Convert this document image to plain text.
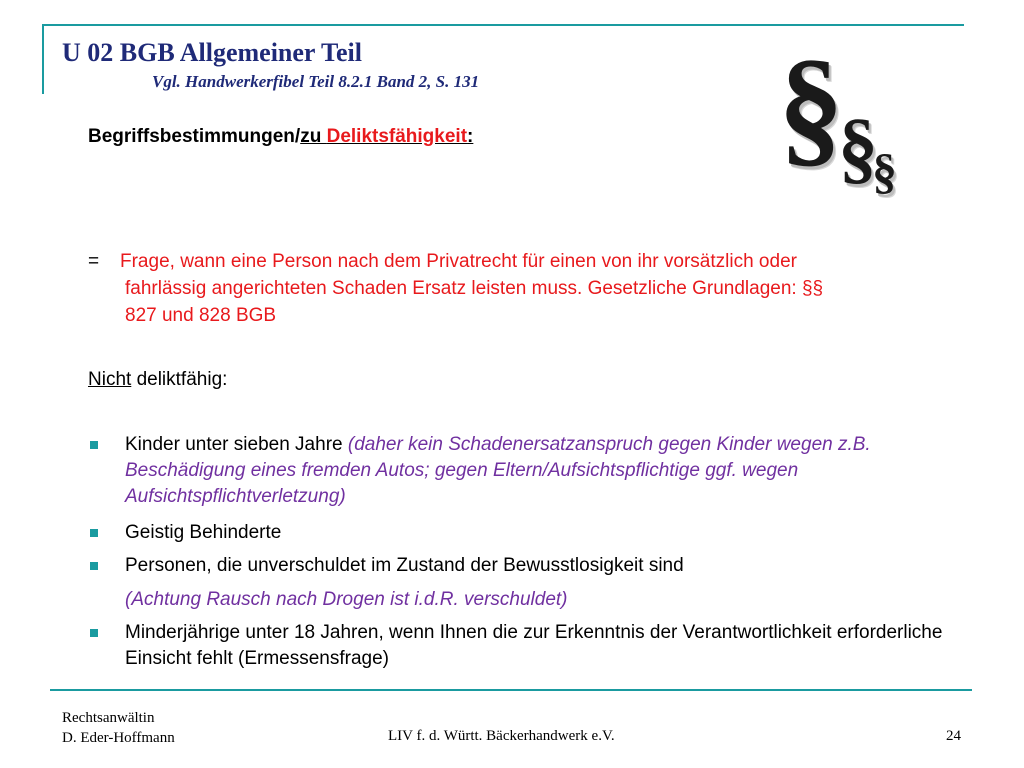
U 02 BGB Allgemeiner Teil
Vgl. Handwerkerfibel Teil 8.2.1 Band 2, S. 131 §
§
§
Begriffsbestimmungen/zu Deliktsfähigkeit:
= Frage, wann eine Person nach dem Privatrecht für einen von ihr vorsätzlich oder
fahrlässig angerichteten Schaden Ersatz leisten muss. Gesetzliche Grundlagen: §§
827 und 828 BGB
Nicht deliktfähig:
Kinder unter sieben Jahre (daher kein Schadenersatzanspruch gegen Kinder wegen z.B. Beschädigung eines fremden Autos; gegen Eltern/Aufsichtspflichtige ggf. wegen Aufsichtspflichtverletzung)
Geistig Behinderte
Personen, die unverschuldet im Zustand der Bewusstlosigkeit sind
(Achtung Rausch nach Drogen ist i.d.R. verschuldet)
Minderjährige unter 18 Jahren, wenn Ihnen die zur Erkenntnis der Verantwortlichkeit erforderliche Einsicht fehlt (Ermessensfrage)
Rechtsanwältin
D. Eder-Hoffmann	LIV f. d. Württ. Bäckerhandwerk e.V.	24
